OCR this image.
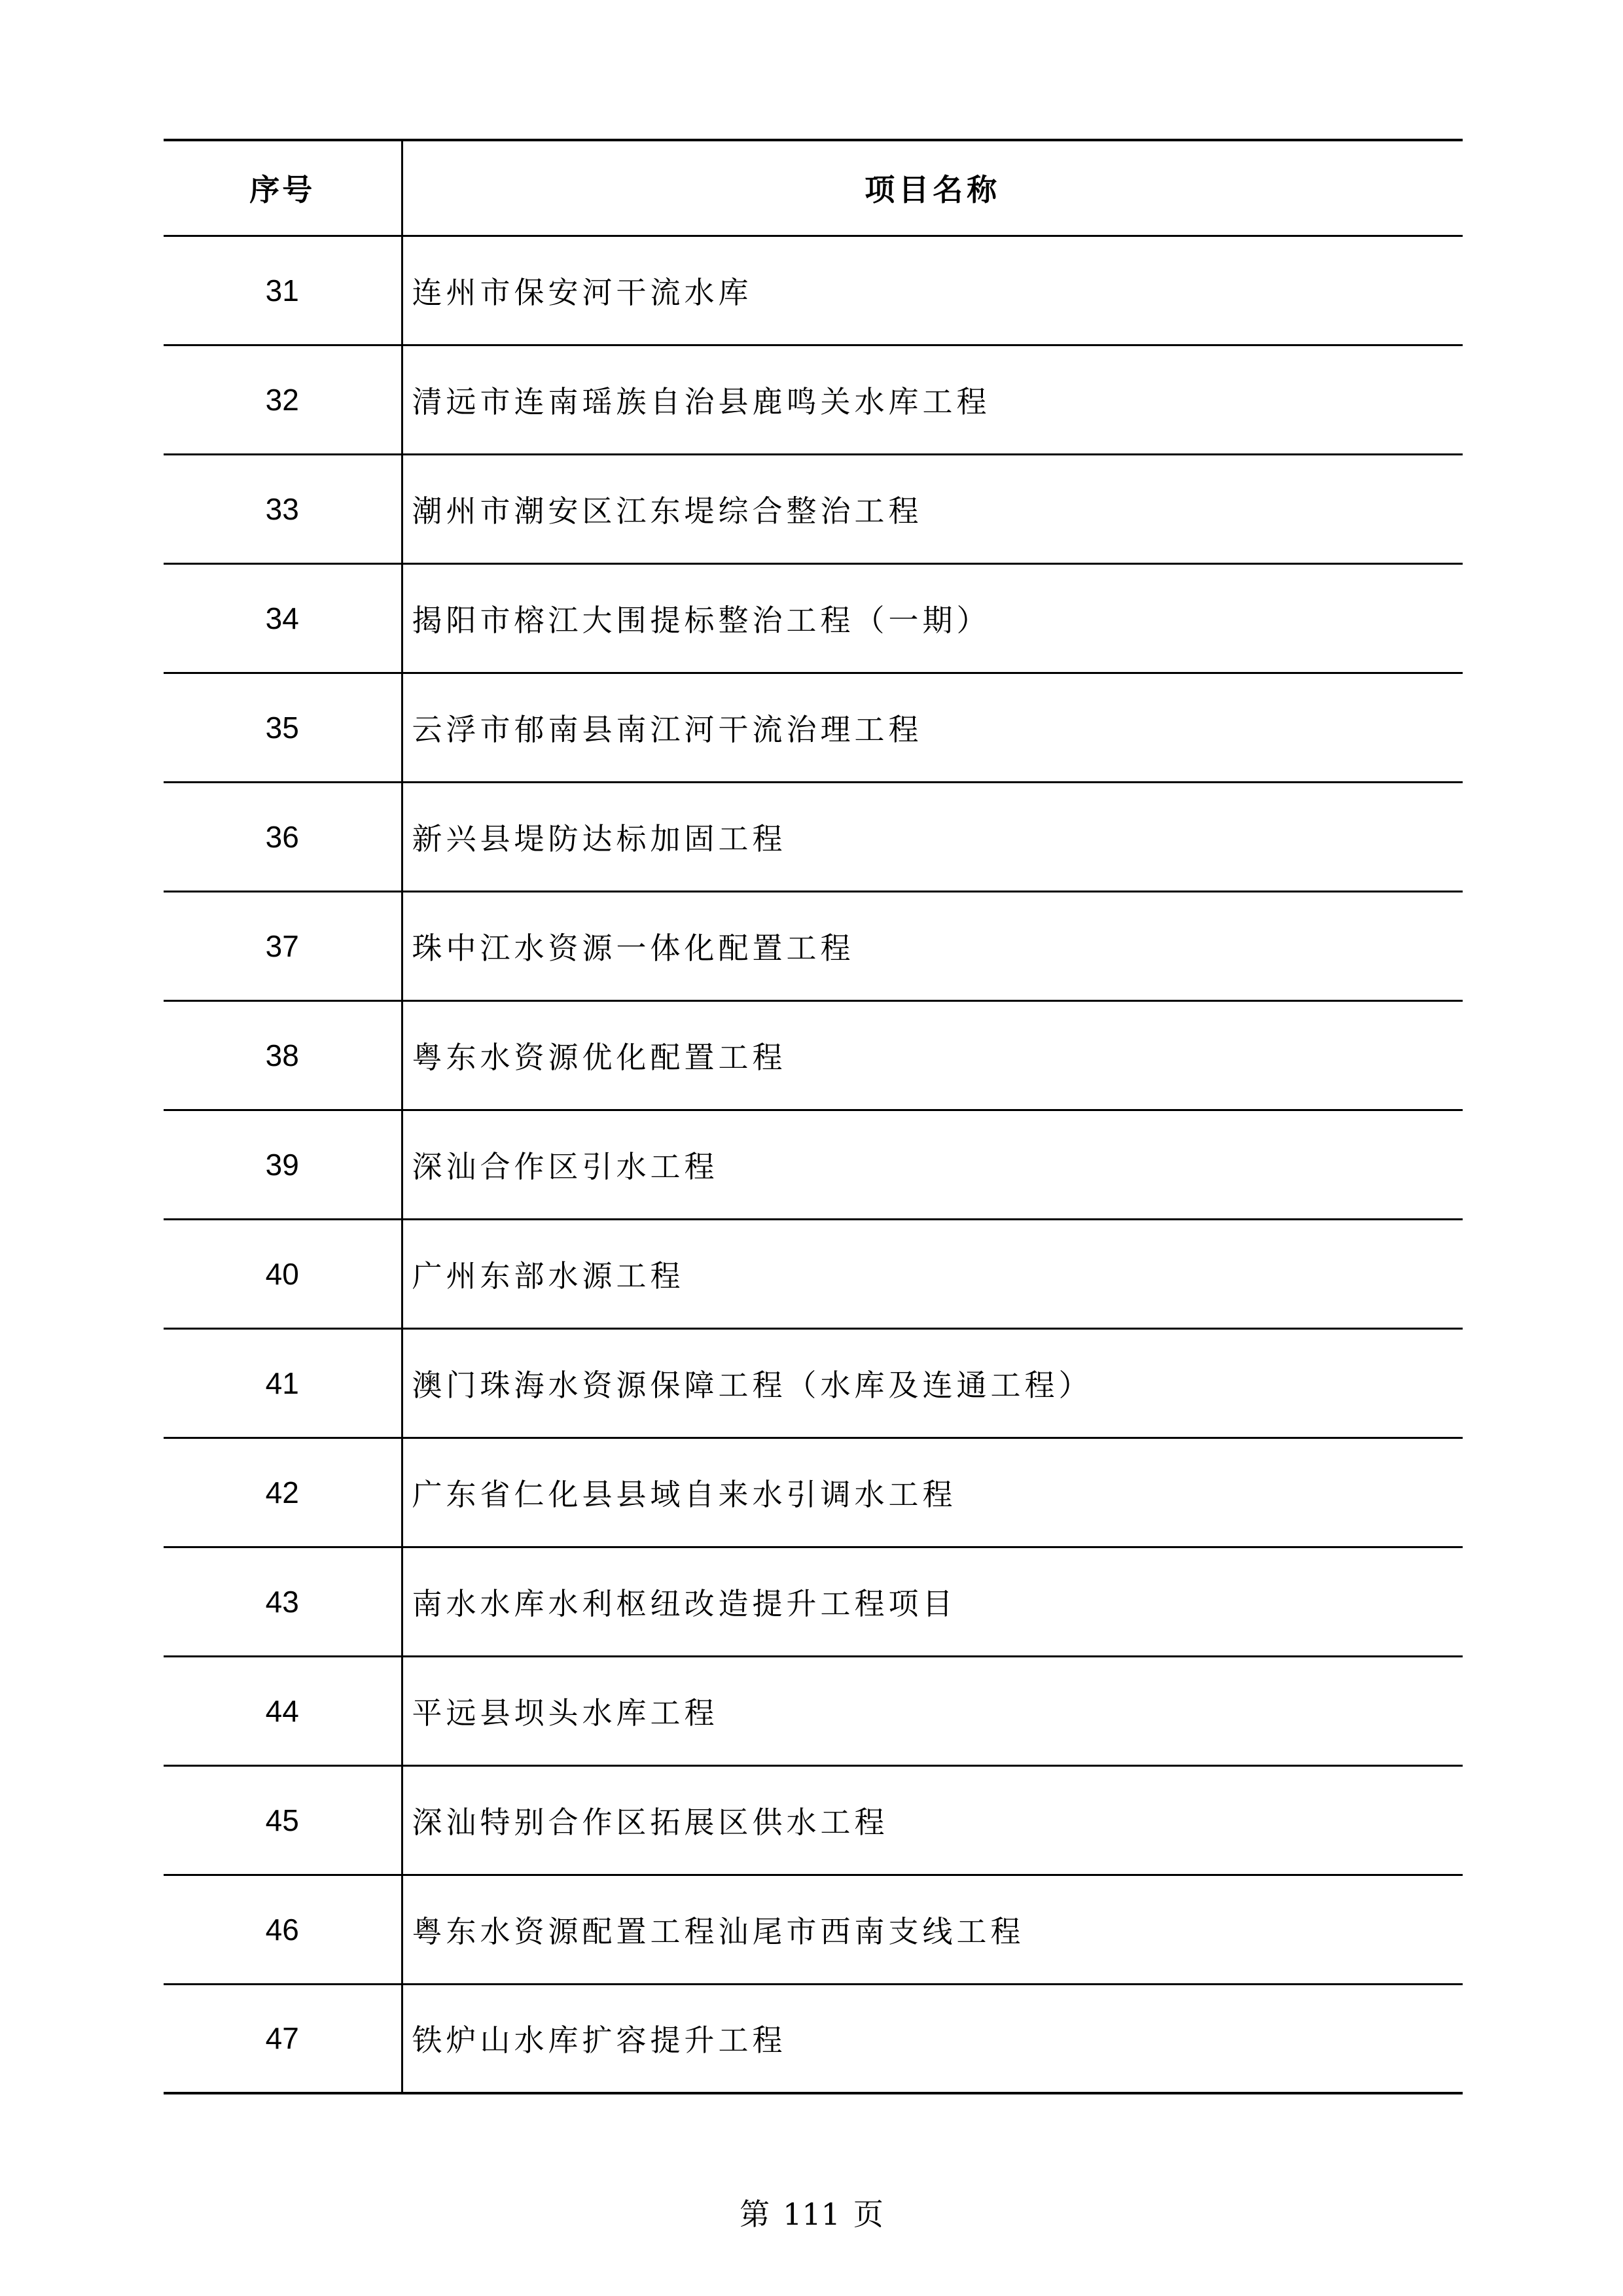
序号	项目名称
31	连州市保安河干流水库
32	清远市连南瑶族自治县鹿鸣关水库工程
33	潮州市潮安区江东堤综合整治工程
34	揭阳市榕江大围提标整治工程（一期）
35	云浮市郁南县南江河干流治理工程
36	新兴县堤防达标加固工程
37	珠中江水资源一体化配置工程
38	粤东水资源优化配置工程
39	深汕合作区引水工程
40	广州东部水源工程
41	澳门珠海水资源保障工程（水库及连通工程）
42	广东省仁化县县域自来水引调水工程
43	南水水库水利枢纽改造提升工程项目
44	平远县坝头水库工程
45	深汕特别合作区拓展区供水工程
46	粤东水资源配置工程汕尾市西南支线工程
47	铁炉山水库扩容提升工程
第 111 页
